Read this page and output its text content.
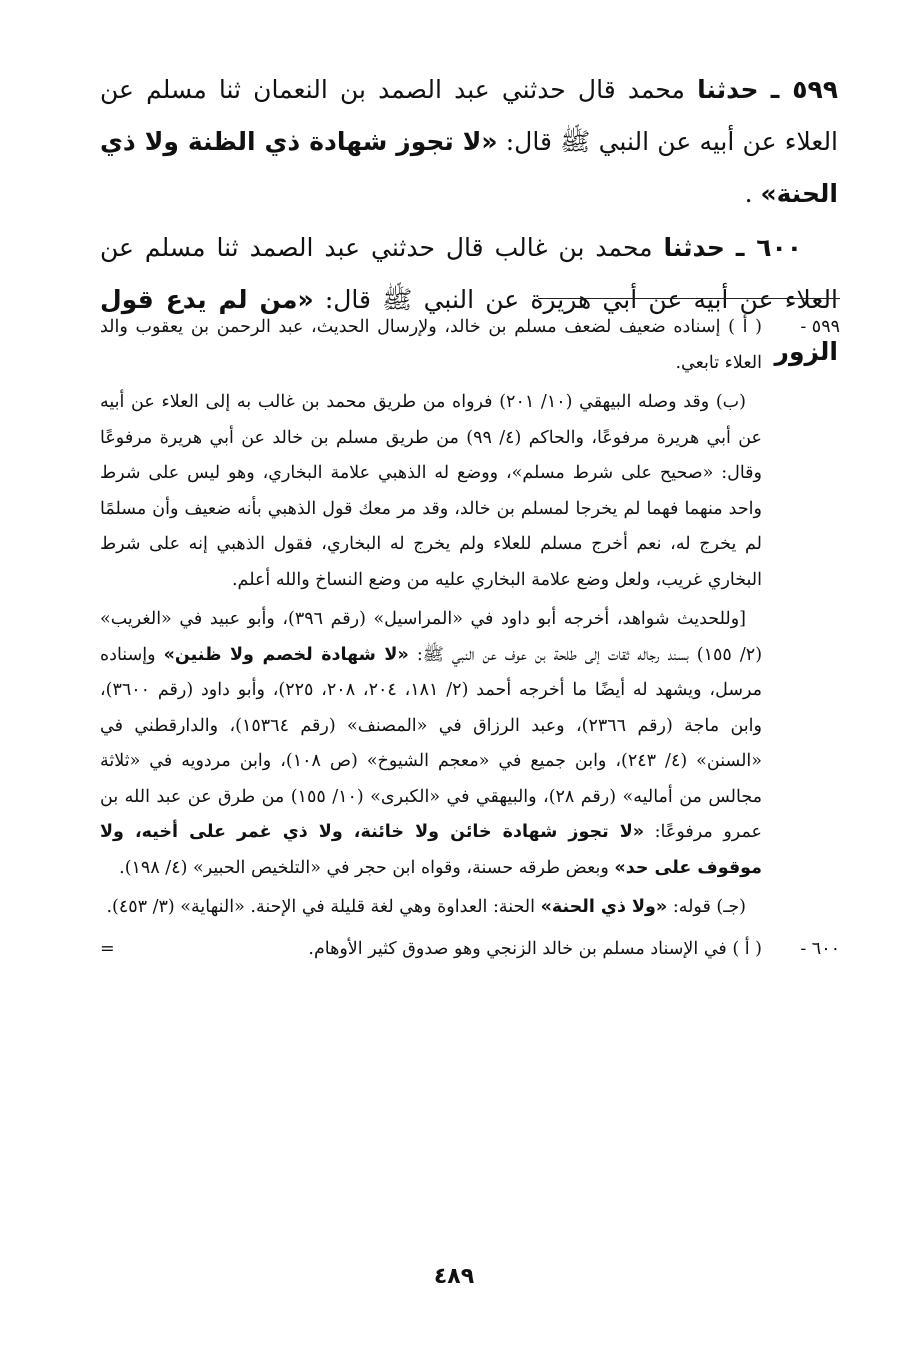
٥٩٩ ـ حدثنا محمد قال حدثني عبد الصمد بن النعمان ثنا مسلم عن العلاء عن أبيه عن النبي ﷺ قال: «لا تجوز شهادة ذي الظنة ولا ذي الحنة» .

٦٠٠ ـ حدثنا محمد بن غالب قال حدثني عبد الصمد ثنا مسلم عن العلاء عن أبيه عن أبي هريرة عن النبي ﷺ قال: «من لم يدع قول الزور

٥٩٩ -
( أ ) إسناده ضعيف لضعف مسلم بن خالد، ولإرسال الحديث، عبد الرحمن بن يعقوب والد العلاء تابعي.

(ب) وقد وصله البيهقي (١٠/ ٢٠١) فرواه من طريق محمد بن غالب به إلى العلاء عن أبيه عن أبي هريرة مرفوعًا، والحاكم (٤/ ٩٩) من طريق مسلم بن خالد عن أبي هريرة مرفوعًا وقال: «صحيح على شرط مسلم»، ووضع له الذهبي علامة البخاري، وهو ليس على شرط واحد منهما فهما لم يخرجا لمسلم بن خالد، وقد مر معك قول الذهبي بأنه ضعيف وأن مسلمًا لم يخرج له، نعم أخرج مسلم للعلاء ولم يخرج له البخاري، فقول الذهبي إنه على شرط البخاري غريب، ولعل وضع علامة البخاري عليه من وضع النساخ والله أعلم.

[وللحديث شواهد، أخرجه أبو داود في «المراسيل» (رقم ٣٩٦)، وأبو عبيد في «الغريب» (٢/ ١٥٥) بسند رجاله ثقات إلى طلحة بن عوف عن النبي ﷺ: «لا شهادة لخصم ولا ظنين» وإسناده مرسل، ويشهد له أيضًا ما أخرجه أحمد (٢/ ١٨١، ٢٠٤، ٢٠٨، ٢٢٥)، وأبو داود (رقم ٣٦٠٠)، وابن ماجة (رقم ٢٣٦٦)، وعبد الرزاق في «المصنف» (رقم ١٥٣٦٤)، والدارقطني في «السنن» (٤/ ٢٤٣)، وابن جميع في «معجم الشيوخ» (ص ١٠٨)، وابن مردويه في «ثلاثة مجالس من أماليه» (رقم ٢٨)، والبيهقي في «الكبرى» (١٠/ ١٥٥) من طرق عن عبد الله بن عمرو مرفوعًا: «لا تجوز شهادة خائن ولا خائنة، ولا ذي غمر على أخيه، ولا موقوف على حد» وبعض طرقه حسنة، وقواه ابن حجر في «التلخيص الحبير» (٤/ ١٩٨).

(جـ) قوله: «ولا ذي الحنة» الحنة: العداوة وهي لغة قليلة في الإحنة. «النهاية» (٣/ ٤٥٣).

٦٠٠ -
( أ ) في الإسناد مسلم بن خالد الزنجي وهو صدوق كثير الأوهام.
=

٤٨٩
